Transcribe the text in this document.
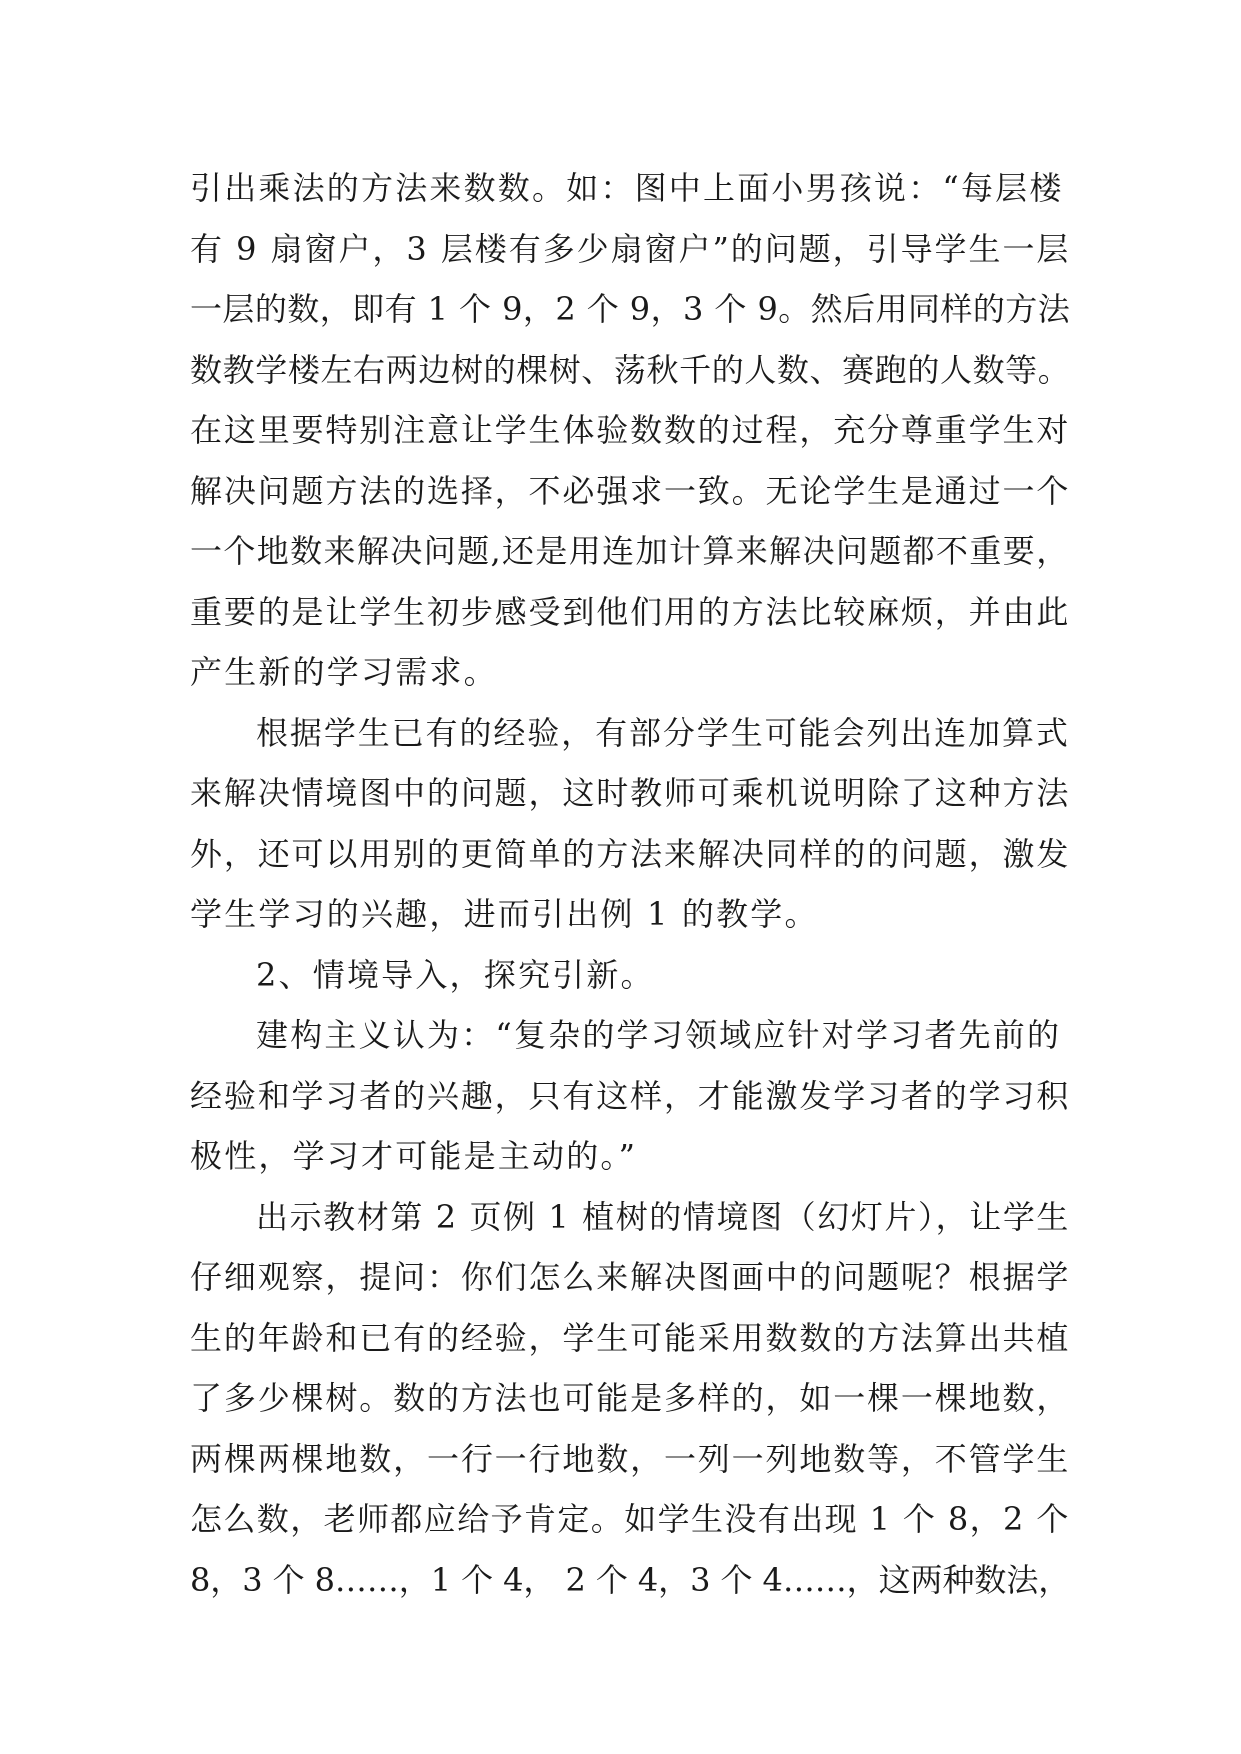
引出乘法的方法来数数。如：图中上面小男孩说：“每层楼
有 9 扇窗户，3 层楼有多少扇窗户”的问题，引导学生一层
一层的数，即有 1 个 9，2 个 9，3 个 9。然后用同样的方法
数教学楼左右两边树的棵树、荡秋千的人数、赛跑的人数等。
在这里要特别注意让学生体验数数的过程，充分尊重学生对
解决问题方法的选择，不必强求一致。无论学生是通过一个
一个地数来解决问题,还是用连加计算来解决问题都不重要，
重要的是让学生初步感受到他们用的方法比较麻烦，并由此
产生新的学习需求。
根据学生已有的经验，有部分学生可能会列出连加算式
来解决情境图中的问题，这时教师可乘机说明除了这种方法
外，还可以用别的更简单的方法来解决同样的的问题，激发
学生学习的兴趣，进而引出例 1 的教学。
2、情境导入，探究引新。
建构主义认为：“复杂的学习领域应针对学习者先前的
经验和学习者的兴趣，只有这样，才能激发学习者的学习积
极性，学习才可能是主动的。”
出示教材第 2 页例 1 植树的情境图（幻灯片），让学生
仔细观察，提问：你们怎么来解决图画中的问题呢？根据学
生的年龄和已有的经验，学生可能采用数数的方法算出共植
了多少棵树。数的方法也可能是多样的，如一棵一棵地数，
两棵两棵地数，一行一行地数，一列一列地数等，不管学生
怎么数，老师都应给予肯定。如学生没有出现 1 个 8，2 个
8，3 个 8……，1 个 4， 2 个 4，3 个 4……，这两种数法，
